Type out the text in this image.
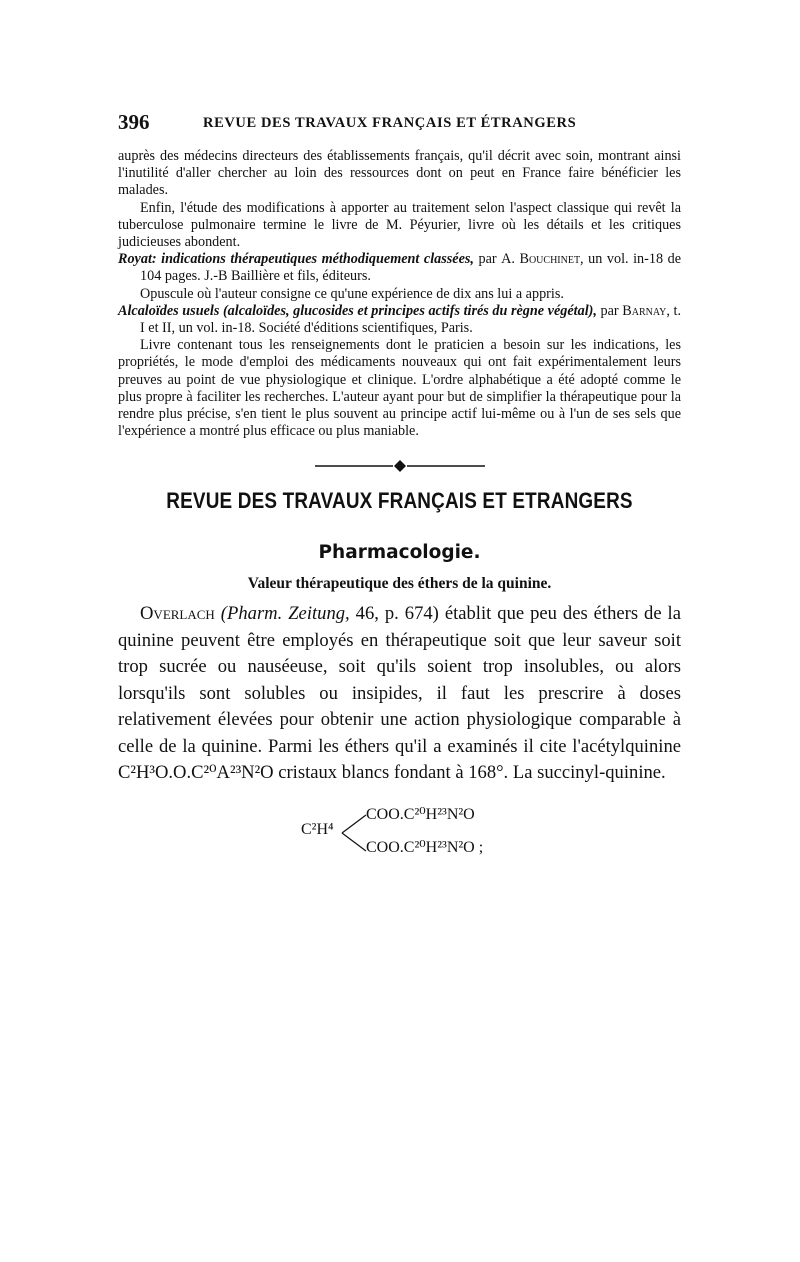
396	REVUE DES TRAVAUX FRANÇAIS ET ÉTRANGERS

auprès des médecins directeurs des établissements français, qu'il décrit avec soin, montrant ainsi l'inutilité d'aller chercher au loin des ressources dont on peut en France faire bénéficier les malades.

Enfin, l'étude des modifications à apporter au traitement selon l'aspect classique qui revêt la tuberculose pulmonaire termine le livre de M. Péyurier, livre où les détails et les critiques judicieuses abondent.

Royat: indications thérapeutiques méthodiquement classées, par A. Bouchinet, un vol. in-18 de 104 pages. J.-B Baillière et fils, éditeurs.

Opuscule où l'auteur consigne ce qu'une expérience de dix ans lui a appris.

Alcaloïdes usuels (alcaloïdes, glucosides et principes actifs tirés du règne végétal), par Barnay, t. I et II, un vol. in-18. Société d'éditions scientifiques, Paris.

Livre contenant tous les renseignements dont le praticien a besoin sur les indications, les propriétés, le mode d'emploi des médicaments nouveaux qui ont fait expérimentalement leurs preuves au point de vue physiologique et clinique. L'ordre alphabétique a été adopté comme le plus propre à faciliter les recherches. L'auteur ayant pour but de simplifier la thérapeutique pour la rendre plus précise, s'en tient le plus souvent au principe actif lui-même ou à l'un de ses sels que l'expérience a montré plus efficace ou plus maniable.

REVUE DES TRAVAUX FRANÇAIS ET ETRANGERS
Pharmacologie.
Valeur thérapeutique des éthers de la quinine.

Overlach (Pharm. Zeitung, 46, p. 674) établit que peu des éthers de la quinine peuvent être employés en thérapeutique soit que leur saveur soit trop sucrée ou nauséeuse, soit qu'ils soient trop insolubles, ou alors lorsqu'ils sont solubles ou insipides, il faut les prescrire à doses relativement élevées pour obtenir une action physiologique comparable à celle de la quinine. Parmi les éthers qu'il a examinés il cite l'acétylquinine C²H³O.O.C²⁰A²³N²O cristaux blancs fondant à 168°. La succinyl-quinine.

C²H⁴
COO.C²⁰H²³N²O
COO.C²⁰H²³N²O ;
